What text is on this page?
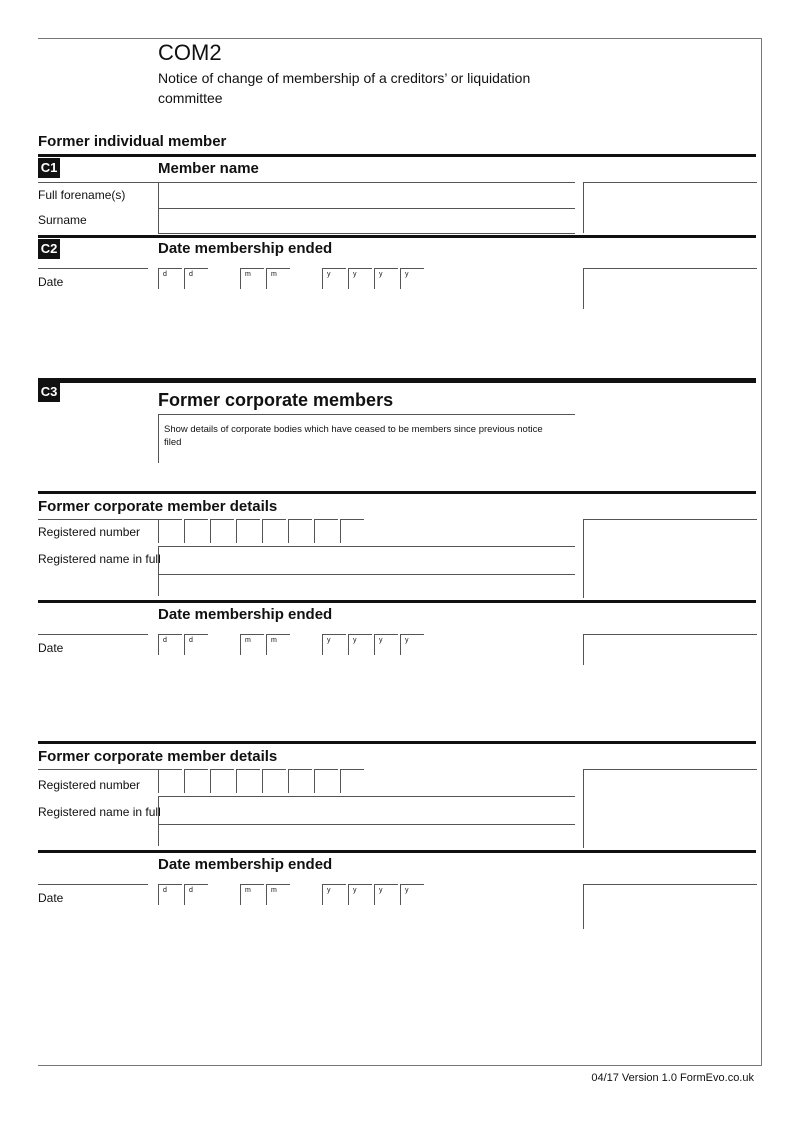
COM2
Notice of change of membership of a creditors’ or liquidation committee
Former individual member
C1	Member name
Full forename(s)
Surname
C2	Date membership ended
Date
C3	Former corporate members
Show details of corporate bodies which have ceased to be members since previous notice filed
Former corporate member details
Registered number
Registered name in full
Date membership ended
Date
Former corporate member details
Registered number
Registered name in full
Date membership ended
Date
04/17 Version 1.0 FormEvo.co.uk
d	d	m	m	y	y	y	y
d	d	m	m	y	y	y	y
d	d	m	m	y	y	y	y
